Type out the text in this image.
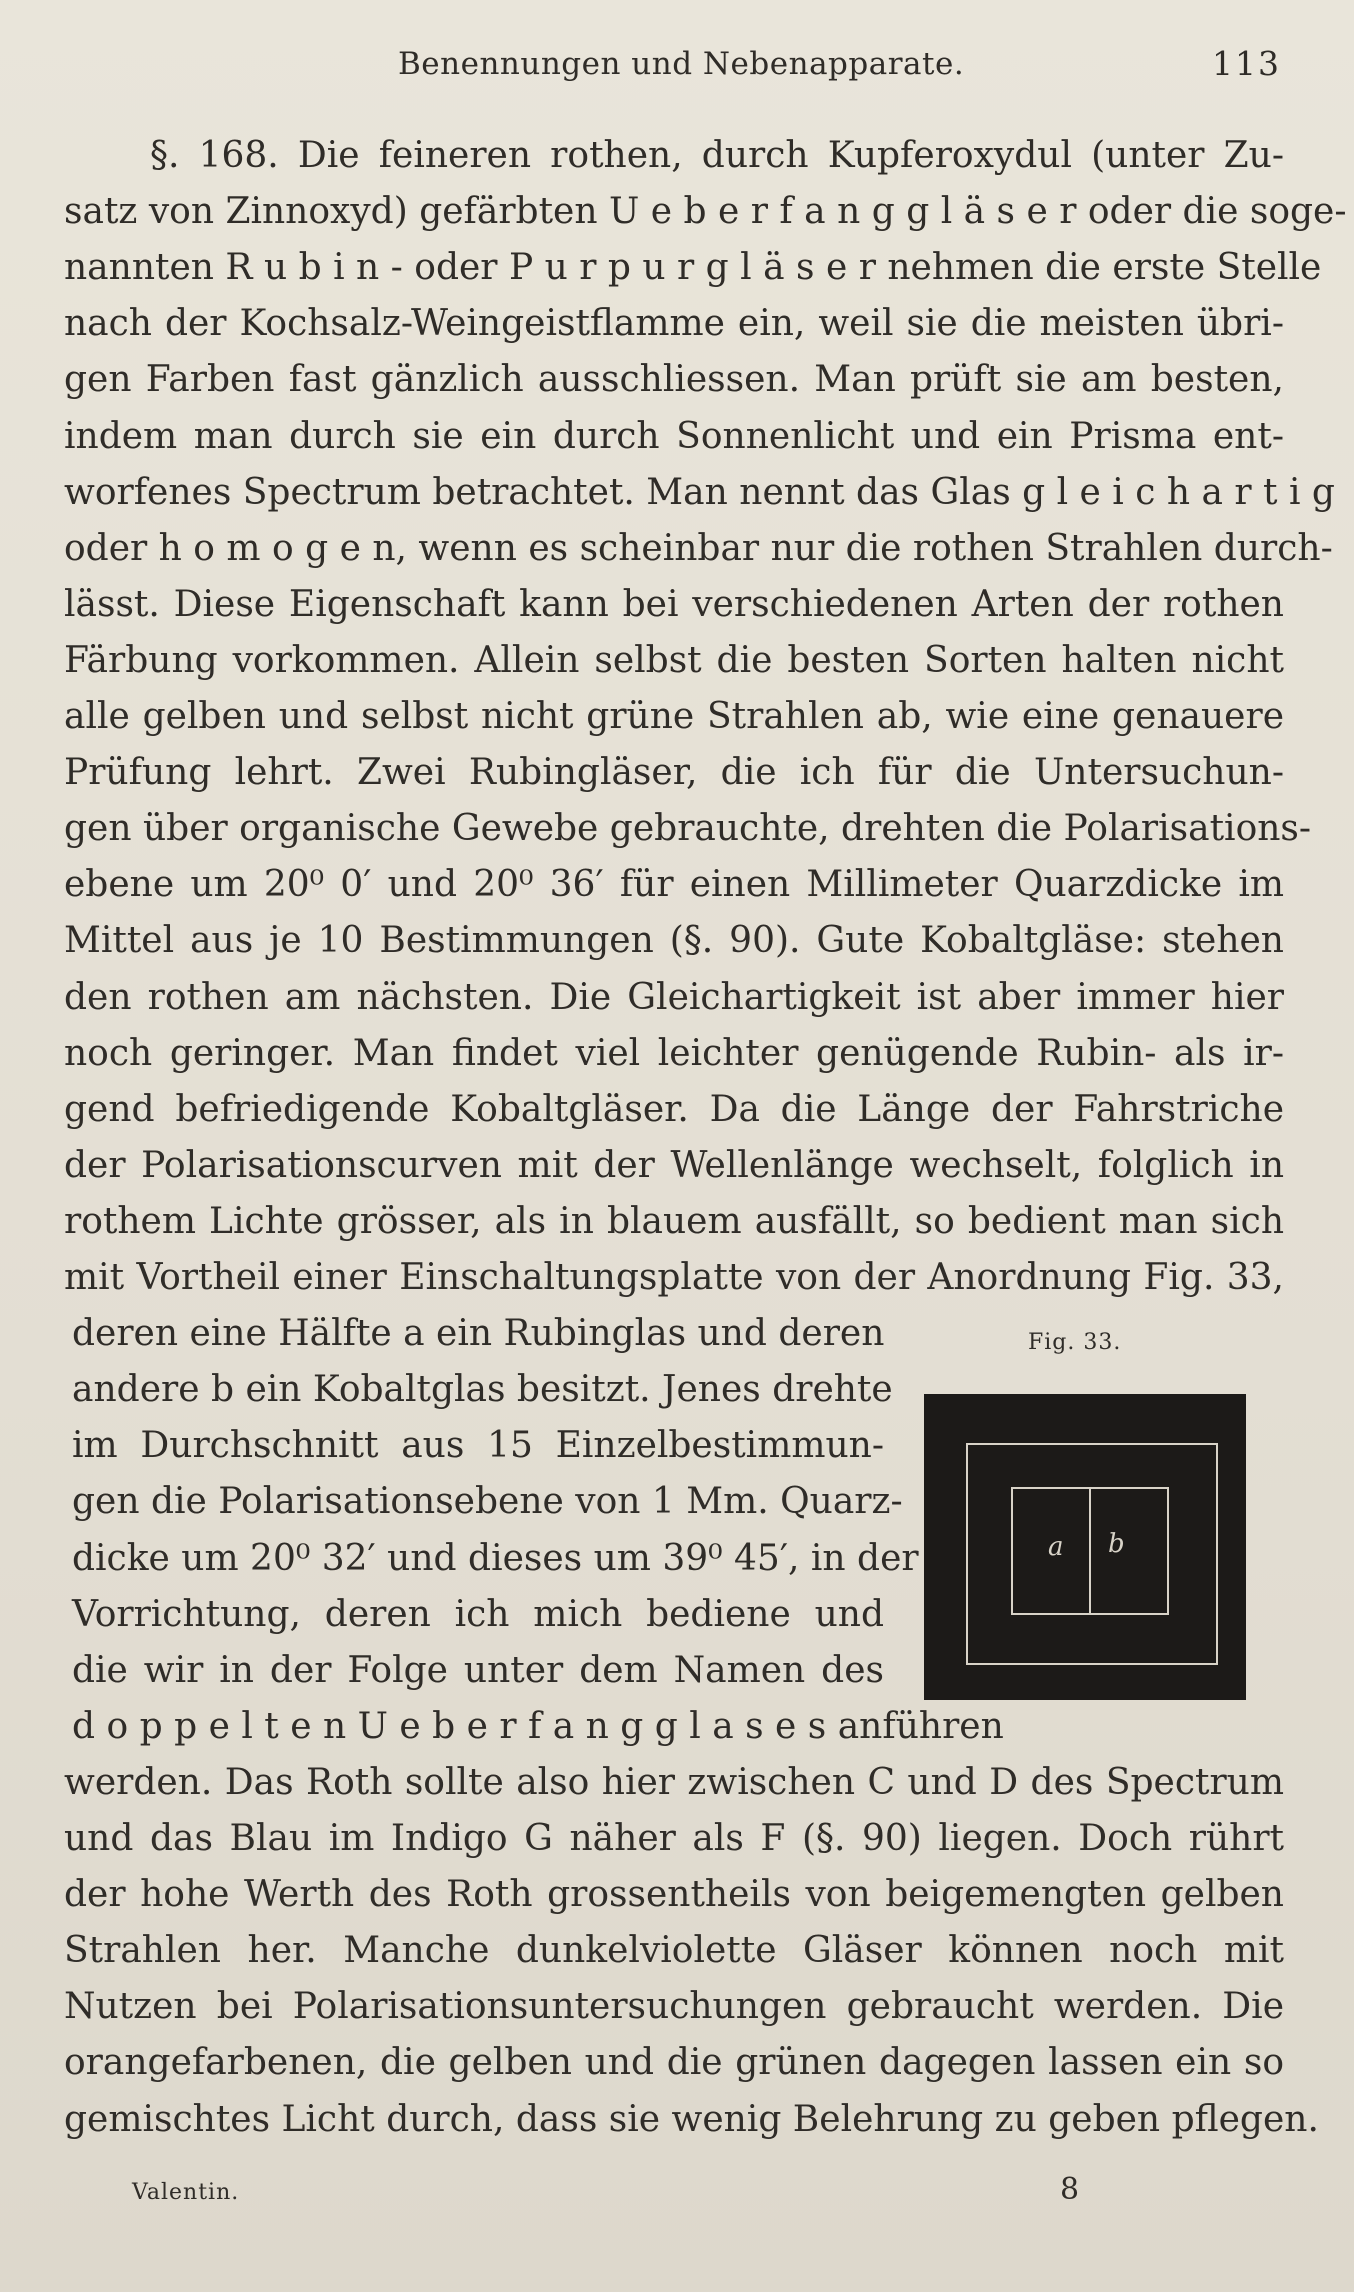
Benennungen und Nebenapparate.	113
§. 168. Die feineren rothen, durch Kupferoxydul (unter Zu-
satz von Zinnoxyd) gefärbten U e b e r f a n g g l ä s e r oder die soge-
nannten R u b i n - oder P u r p u r g l ä s e r nehmen die erste Stelle
nach der Kochsalz-Weingeistflamme ein, weil sie die meisten übri-
gen Farben fast gänzlich ausschliessen. Man prüft sie am besten,
indem man durch sie ein durch Sonnenlicht und ein Prisma ent-
worfenes Spectrum betrachtet. Man nennt das Glas g l e i c h a r t i g
oder h o m o g e n, wenn es scheinbar nur die rothen Strahlen durch-
lässt. Diese Eigenschaft kann bei verschiedenen Arten der rothen
Färbung vorkommen. Allein selbst die besten Sorten halten nicht
alle gelben und selbst nicht grüne Strahlen ab, wie eine genauere
Prüfung lehrt. Zwei Rubingläser, die ich für die Untersuchun-
gen über organische Gewebe gebrauchte, drehten die Polarisations-
ebene um 20⁰ 0′ und 20⁰ 36′ für einen Millimeter Quarzdicke im
Mittel aus je 10 Bestimmungen (§. 90). Gute Kobaltgläse: stehen
den rothen am nächsten. Die Gleichartigkeit ist aber immer hier
noch geringer. Man findet viel leichter genügende Rubin- als ir-
gend befriedigende Kobaltgläser. Da die Länge der Fahrstriche
der Polarisationscurven mit der Wellenlänge wechselt, folglich in
rothem Lichte grösser, als in blauem ausfällt, so bedient man sich
mit Vortheil einer Einschaltungsplatte von der Anordnung Fig. 33,
deren eine Hälfte a ein Rubinglas und deren
andere b ein Kobaltglas besitzt. Jenes drehte
im Durchschnitt aus 15 Einzelbestimmun-
gen die Polarisationsebene von 1 Mm. Quarz-
dicke um 20⁰ 32′ und dieses um 39⁰ 45′, in der
Vorrichtung, deren ich mich bediene und
die wir in der Folge unter dem Namen des
d o p p e l t e n U e b e r f a n g g l a s e s anführen
werden. Das Roth sollte also hier zwischen C und D des Spectrum
und das Blau im Indigo G näher als F (§. 90) liegen. Doch rührt
der hohe Werth des Roth grossentheils von beigemengten gelben
Strahlen her. Manche dunkelviolette Gläser können noch mit
Nutzen bei Polarisationsuntersuchungen gebraucht werden. Die
orangefarbenen, die gelben und die grünen dagegen lassen ein so
gemischtes Licht durch, dass sie wenig Belehrung zu geben pflegen.
Fig. 33.
a b
Valentin.	8
